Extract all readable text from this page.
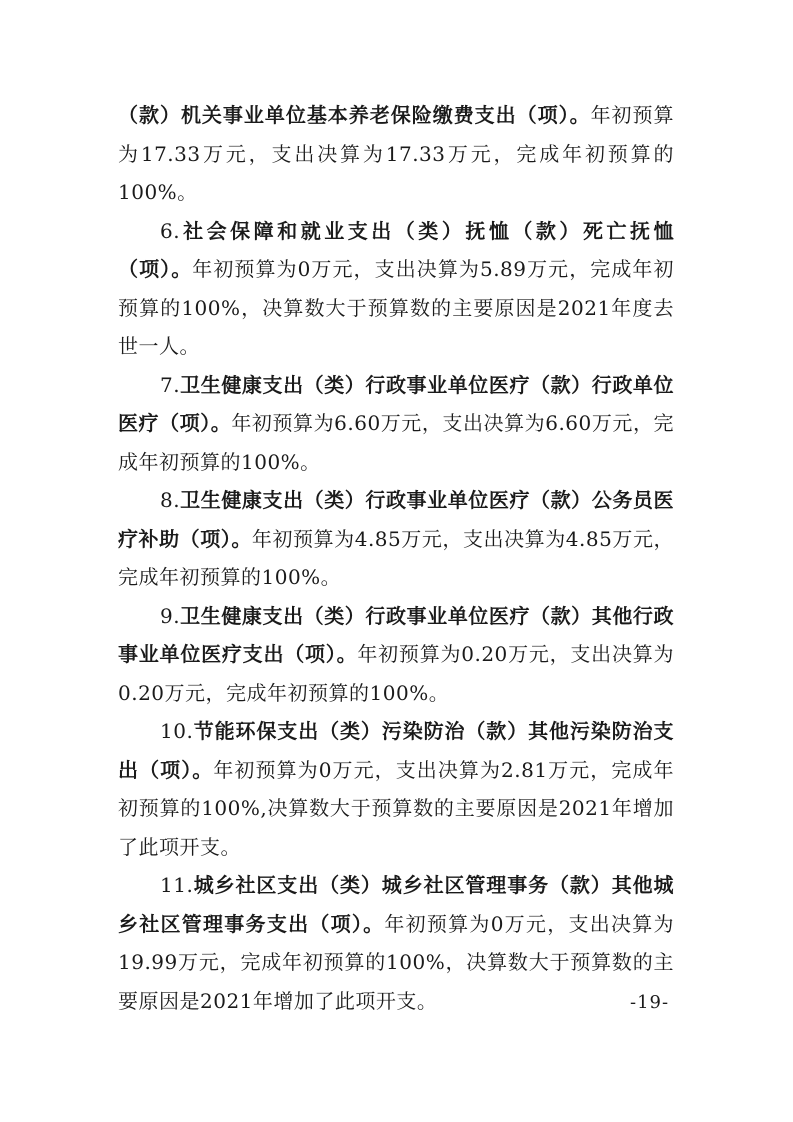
（款）机关事业单位基本养老保险缴费支出（项）。年初预算为17.33万元，支出决算为17.33万元，完成年初预算的100%。

6.社会保障和就业支出（类）抚恤（款）死亡抚恤（项）。年初预算为0万元，支出决算为5.89万元，完成年初预算的100%，决算数大于预算数的主要原因是2021年度去世一人。

7.卫生健康支出（类）行政事业单位医疗（款）行政单位医疗（项）。年初预算为6.60万元，支出决算为6.60万元，完成年初预算的100%。

8.卫生健康支出（类）行政事业单位医疗（款）公务员医疗补助（项）。年初预算为4.85万元，支出决算为4.85万元，完成年初预算的100%。

9.卫生健康支出（类）行政事业单位医疗（款）其他行政事业单位医疗支出（项）。年初预算为0.20万元，支出决算为0.20万元，完成年初预算的100%。

10.节能环保支出（类）污染防治（款）其他污染防治支出（项）。年初预算为0万元，支出决算为2.81万元，完成年初预算的100%,决算数大于预算数的主要原因是2021年增加了此项开支。

11.城乡社区支出（类）城乡社区管理事务（款）其他城乡社区管理事务支出（项）。年初预算为0万元，支出决算为19.99万元，完成年初预算的100%，决算数大于预算数的主要原因是2021年增加了此项开支。	-19-
